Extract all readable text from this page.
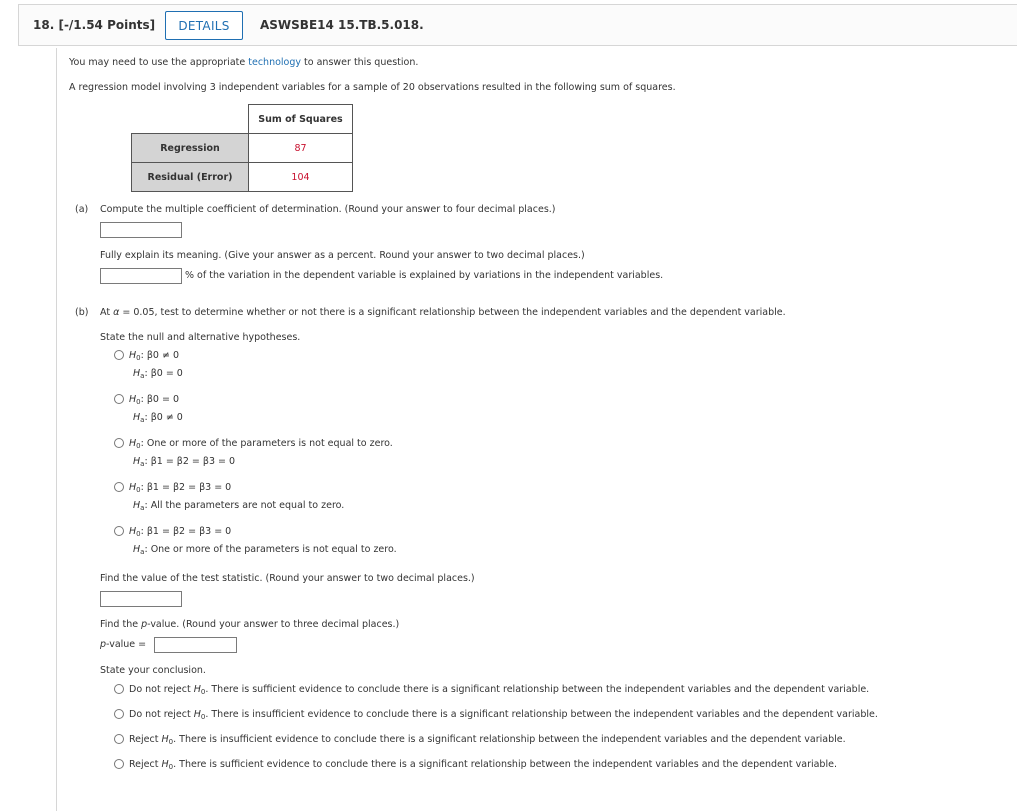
18. [-/1.54 Points]	DETAILS	ASWSBE14 15.TB.5.018.
You may need to use the appropriate technology to answer this question.
A regression model involving 3 independent variables for a sample of 20 observations resulted in the following sum of squares.
	Sum of Squares
Regression	87
Residual (Error)	104
(a) Compute the multiple coefficient of determination. (Round your answer to four decimal places.)
Fully explain its meaning. (Give your answer as a percent. Round your answer to two decimal places.)
% of the variation in the dependent variable is explained by variations in the independent variables.
(b) At α = 0.05, test to determine whether or not there is a significant relationship between the independent variables and the dependent variable.
State the null and alternative hypotheses.
$H_0$: β0 ≠ 0
$H_a$: β0 = 0
$H_0$: β0 = 0
$H_a$: β0 ≠ 0
$H_0$: One or more of the parameters is not equal to zero.
$H_a$: β1 = β2 = β3 = 0
$H_0$: β1 = β2 = β3 = 0
$H_a$: All the parameters are not equal to zero.
$H_0$: β1 = β2 = β3 = 0
$H_a$: One or more of the parameters is not equal to zero.
Find the value of the test statistic. (Round your answer to two decimal places.)
Find the p-value. (Round your answer to three decimal places.)
p-value =
State your conclusion.
Do not reject $H_0$. There is sufficient evidence to conclude there is a significant relationship between the independent variables and the dependent variable.
Do not reject $H_0$. There is insufficient evidence to conclude there is a significant relationship between the independent variables and the dependent variable.
Reject $H_0$. There is insufficient evidence to conclude there is a significant relationship between the independent variables and the dependent variable.
Reject $H_0$. There is sufficient evidence to conclude there is a significant relationship between the independent variables and the dependent variable.
